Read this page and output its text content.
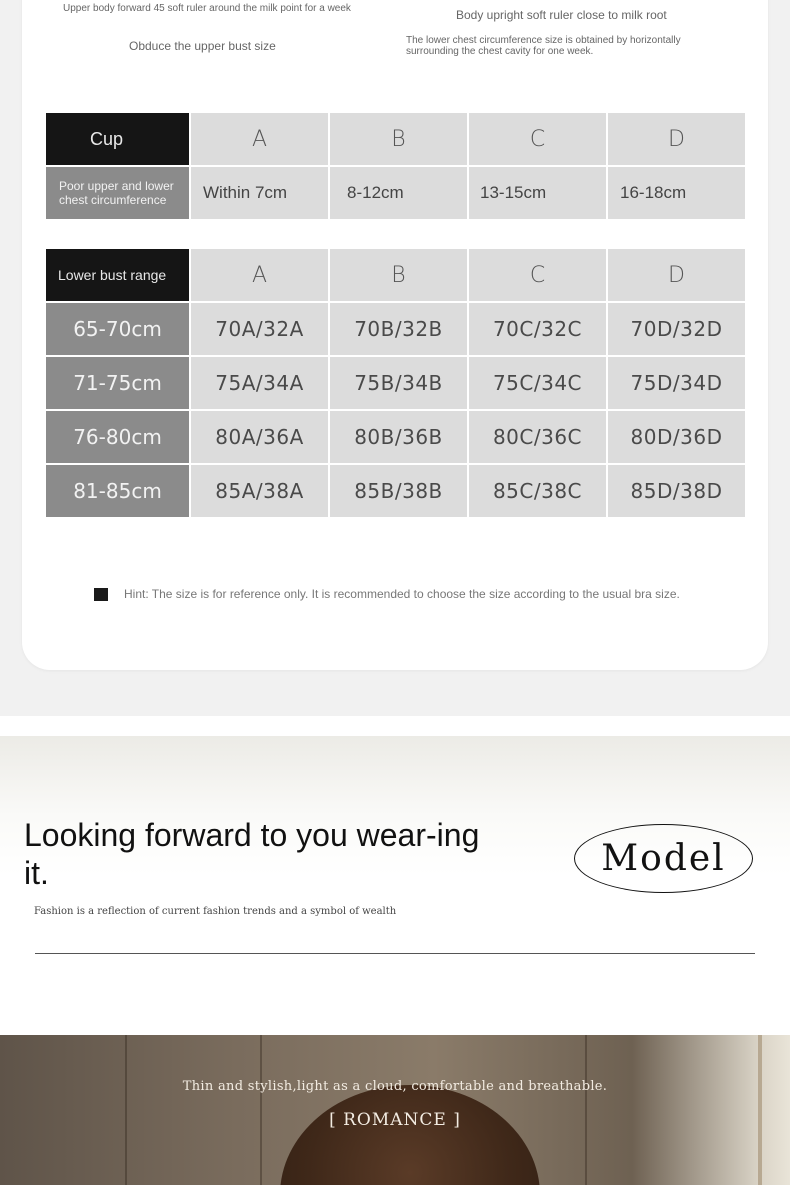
Upper body forward 45 soft ruler around the milk point for a week
Obduce the upper bust size
Body upright soft ruler close to milk root
The lower chest circumference size is obtained by horizontally surrounding the chest cavity for one week.
Cup	A	B	C	D
Poor upper and lower chest circumference	Within 7cm	8-12cm	13-15cm	16-18cm
Lower bust range	A	B	C	D
65-70cm	70A/32A	70B/32B	70C/32C	70D/32D
71-75cm	75A/34A	75B/34B	75C/34C	75D/34D
76-80cm	80A/36A	80B/36B	80C/36C	80D/36D
81-85cm	85A/38A	85B/38B	85C/38C	85D/38D
Hint: The size is for reference only. It is recommended to choose the size according to the usual bra size.
Looking forward to you wear-ing it.
Fashion is a reflection of current fashion trends and a symbol of wealth
Model
Thin and stylish,light as a cloud, comfortable and breathable.
[ ROMANCE ]
